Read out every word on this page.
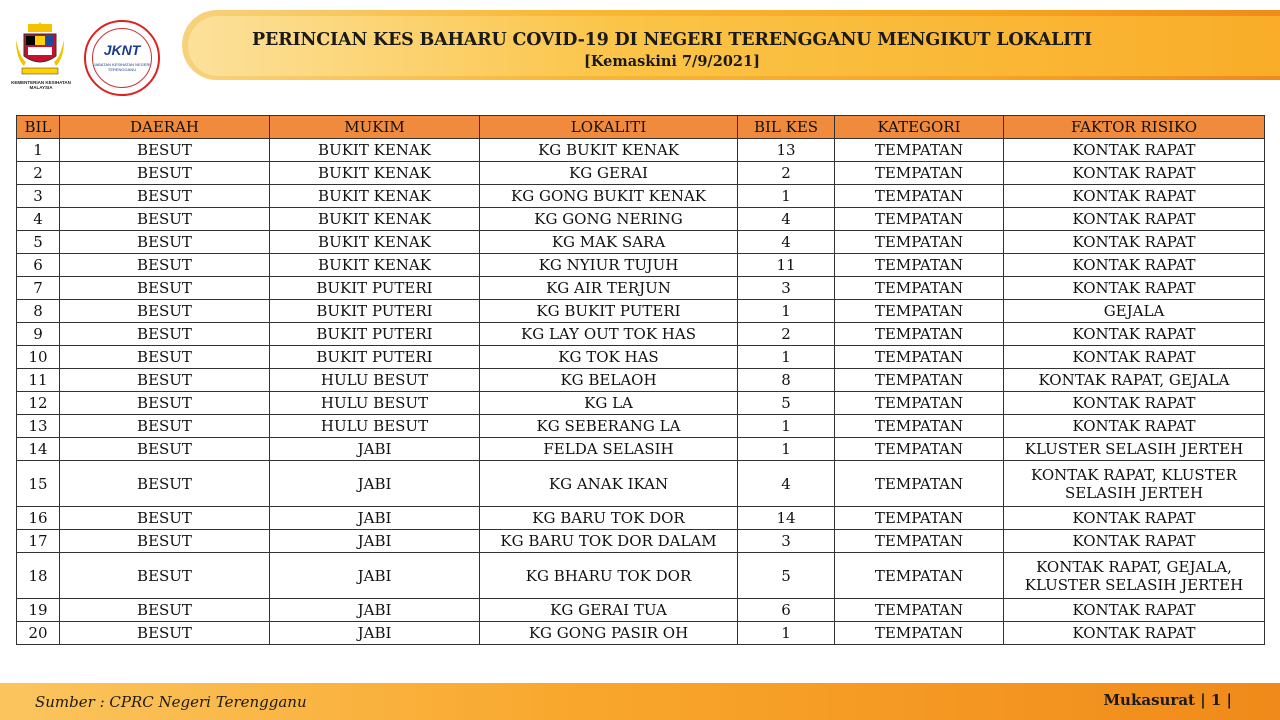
KEMENTERIAN KESIHATAN MALAYSIA
JKNT
JABATAN KESIHATAN NEGERI TERENGGANU
PERINCIAN KES BAHARU COVID-19 DI NEGERI TERENGGANU MENGIKUT LOKALITI
[Kemaskini 7/9/2021]
BIL	DAERAH	MUKIM	LOKALITI	BIL KES	KATEGORI	FAKTOR RISIKO
1	BESUT	BUKIT KENAK	KG BUKIT KENAK	13	TEMPATAN	KONTAK RAPAT
2	BESUT	BUKIT KENAK	KG GERAI	2	TEMPATAN	KONTAK RAPAT
3	BESUT	BUKIT KENAK	KG GONG BUKIT KENAK	1	TEMPATAN	KONTAK RAPAT
4	BESUT	BUKIT KENAK	KG GONG NERING	4	TEMPATAN	KONTAK RAPAT
5	BESUT	BUKIT KENAK	KG MAK SARA	4	TEMPATAN	KONTAK RAPAT
6	BESUT	BUKIT KENAK	KG NYIUR TUJUH	11	TEMPATAN	KONTAK RAPAT
7	BESUT	BUKIT PUTERI	KG AIR TERJUN	3	TEMPATAN	KONTAK RAPAT
8	BESUT	BUKIT PUTERI	KG BUKIT PUTERI	1	TEMPATAN	GEJALA
9	BESUT	BUKIT PUTERI	KG LAY OUT TOK HAS	2	TEMPATAN	KONTAK RAPAT
10	BESUT	BUKIT PUTERI	KG TOK HAS	1	TEMPATAN	KONTAK RAPAT
11	BESUT	HULU BESUT	KG BELAOH	8	TEMPATAN	KONTAK RAPAT, GEJALA
12	BESUT	HULU BESUT	KG LA	5	TEMPATAN	KONTAK RAPAT
13	BESUT	HULU BESUT	KG SEBERANG LA	1	TEMPATAN	KONTAK RAPAT
14	BESUT	JABI	FELDA SELASIH	1	TEMPATAN	KLUSTER SELASIH JERTEH
15	BESUT	JABI	KG ANAK IKAN	4	TEMPATAN	KONTAK RAPAT, KLUSTER SELASIH JERTEH
16	BESUT	JABI	KG BARU TOK DOR	14	TEMPATAN	KONTAK RAPAT
17	BESUT	JABI	KG BARU TOK DOR DALAM	3	TEMPATAN	KONTAK RAPAT
18	BESUT	JABI	KG BHARU TOK DOR	5	TEMPATAN	KONTAK RAPAT, GEJALA, KLUSTER SELASIH JERTEH
19	BESUT	JABI	KG GERAI TUA	6	TEMPATAN	KONTAK RAPAT
20	BESUT	JABI	KG GONG PASIR OH	1	TEMPATAN	KONTAK RAPAT
Sumber : CPRC Negeri Terengganu	Mukasurat | 1 |
